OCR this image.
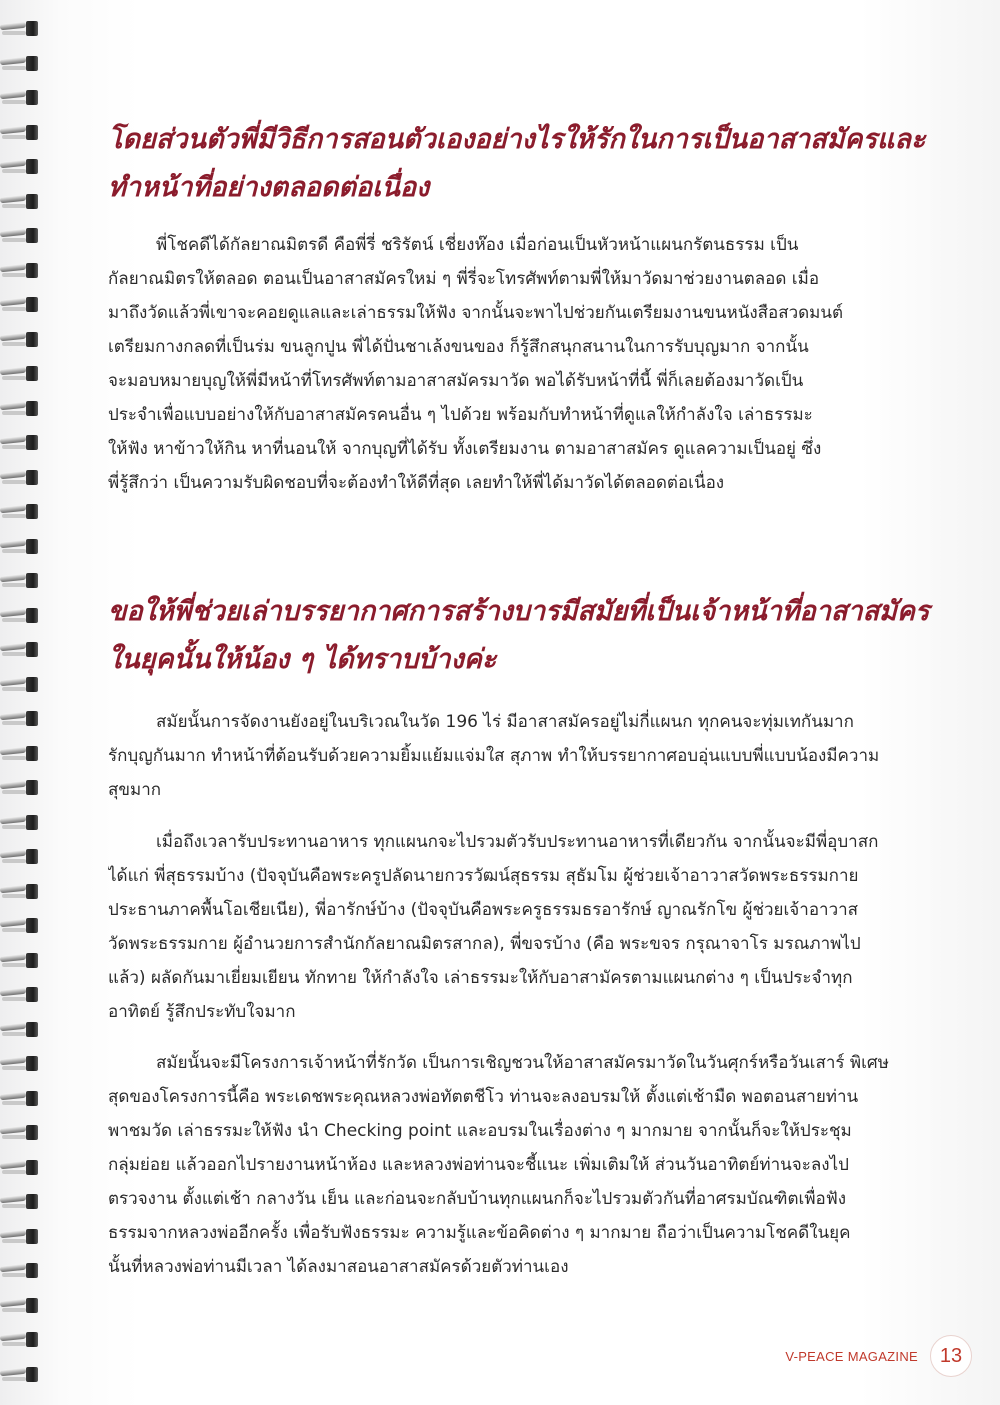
โดยส่วนตัวพี่มีวิธีการสอนตัวเองอย่างไรให้รักในการเป็นอาสาสมัครและ
ทำหน้าที่อย่างตลอดต่อเนื่อง
พี่โชคดีได้กัลยาณมิตรดี คือพี่รี่ ชริรัตน์ เชี่ยงห๊อง เมื่อก่อนเป็นหัวหน้าแผนกรัตนธรรม เป็น
กัลยาณมิตรให้ตลอด ตอนเป็นอาสาสมัครใหม่ ๆ พี่รี่จะโทรศัพท์ตามพี่ให้มาวัดมาช่วยงานตลอด เมื่อ
มาถึงวัดแล้วพี่เขาจะคอยดูแลและเล่าธรรมให้ฟัง จากนั้นจะพาไปช่วยกันเตรียมงานขนหนังสือสวดมนต์
เตรียมกางกลดที่เป็นร่ม ขนลูกปูน พี่ได้ปั่นชาเล้งขนของ ก็รู้สึกสนุกสนานในการรับบุญมาก จากนั้น
จะมอบหมายบุญให้พี่มีหน้าที่โทรศัพท์ตามอาสาสมัครมาวัด พอได้รับหน้าที่นี้ พี่ก็เลยต้องมาวัดเป็น
ประจำเพื่อแบบอย่างให้กับอาสาสมัครคนอื่น ๆ ไปด้วย พร้อมกับทำหน้าที่ดูแลให้กำลังใจ เล่าธรรมะ
ให้ฟัง หาข้าวให้กิน หาที่นอนให้ จากบุญที่ได้รับ ทั้งเตรียมงาน ตามอาสาสมัคร ดูแลความเป็นอยู่ ซึ่ง
พี่รู้สึกว่า เป็นความรับผิดชอบที่จะต้องทำให้ดีที่สุด เลยทำให้พี่ได้มาวัดได้ตลอดต่อเนื่อง
ขอให้พี่ช่วยเล่าบรรยากาศการสร้างบารมีสมัยที่เป็นเจ้าหน้าที่อาสาสมัคร
ในยุคนั้นให้น้อง ๆ ได้ทราบบ้างค่ะ
สมัยนั้นการจัดงานยังอยู่ในบริเวณในวัด 196 ไร่ มีอาสาสมัครอยู่ไม่กี่แผนก ทุกคนจะทุ่มเทกันมาก
รักบุญกันมาก ทำหน้าที่ต้อนรับด้วยความยิ้มแย้มแจ่มใส สุภาพ ทำให้บรรยากาศอบอุ่นแบบพี่แบบน้องมีความ
สุขมาก
เมื่อถึงเวลารับประทานอาหาร ทุกแผนกจะไปรวมตัวรับประทานอาหารที่เดียวกัน จากนั้นจะมีพี่อุบาสก
ได้แก่ พี่สุธรรมบ้าง (ปัจจุบันคือพระครูปลัดนายกวรวัฒน์สุธรรม สุธัมโม ผู้ช่วยเจ้าอาวาสวัดพระธรรมกาย
ประธานภาคพื้นโอเชียเนีย), พี่อารักษ์บ้าง (ปัจจุบันคือพระครูธรรมธรอารักษ์ ญาณรักโข ผู้ช่วยเจ้าอาวาส
วัดพระธรรมกาย ผู้อำนวยการสำนักกัลยาณมิตรสากล), พี่ขจรบ้าง (คือ พระขจร กรุณาจาโร มรณภาพไป
แล้ว) ผลัดกันมาเยี่ยมเยียน ทักทาย ให้กำลังใจ เล่าธรรมะให้กับอาสามัครตามแผนกต่าง ๆ เป็นประจำทุก
อาทิตย์ รู้สึกประทับใจมาก
สมัยนั้นจะมีโครงการเจ้าหน้าที่รักวัด เป็นการเชิญชวนให้อาสาสมัครมาวัดในวันศุกร์หรือวันเสาร์ พิเศษ
สุดของโครงการนี้คือ พระเดชพระคุณหลวงพ่อทัตตชีโว ท่านจะลงอบรมให้ ตั้งแต่เช้ามืด พอตอนสายท่าน
พาชมวัด เล่าธรรมะให้ฟัง นำ Checking point และอบรมในเรื่องต่าง ๆ มากมาย จากนั้นก็จะให้ประชุม
กลุ่มย่อย แล้วออกไปรายงานหน้าห้อง และหลวงพ่อท่านจะชี้แนะ เพิ่มเติมให้ ส่วนวันอาทิตย์ท่านจะลงไป
ตรวจงาน ตั้งแต่เช้า กลางวัน เย็น และก่อนจะกลับบ้านทุกแผนกก็จะไปรวมตัวกันที่อาศรมบัณฑิตเพื่อฟัง
ธรรมจากหลวงพ่ออีกครั้ง เพื่อรับฟังธรรมะ ความรู้และข้อคิดต่าง ๆ มากมาย ถือว่าเป็นความโชคดีในยุค
นั้นที่หลวงพ่อท่านมีเวลา ได้ลงมาสอนอาสาสมัครด้วยตัวท่านเอง
V-PEACE MAGAZINE	13
